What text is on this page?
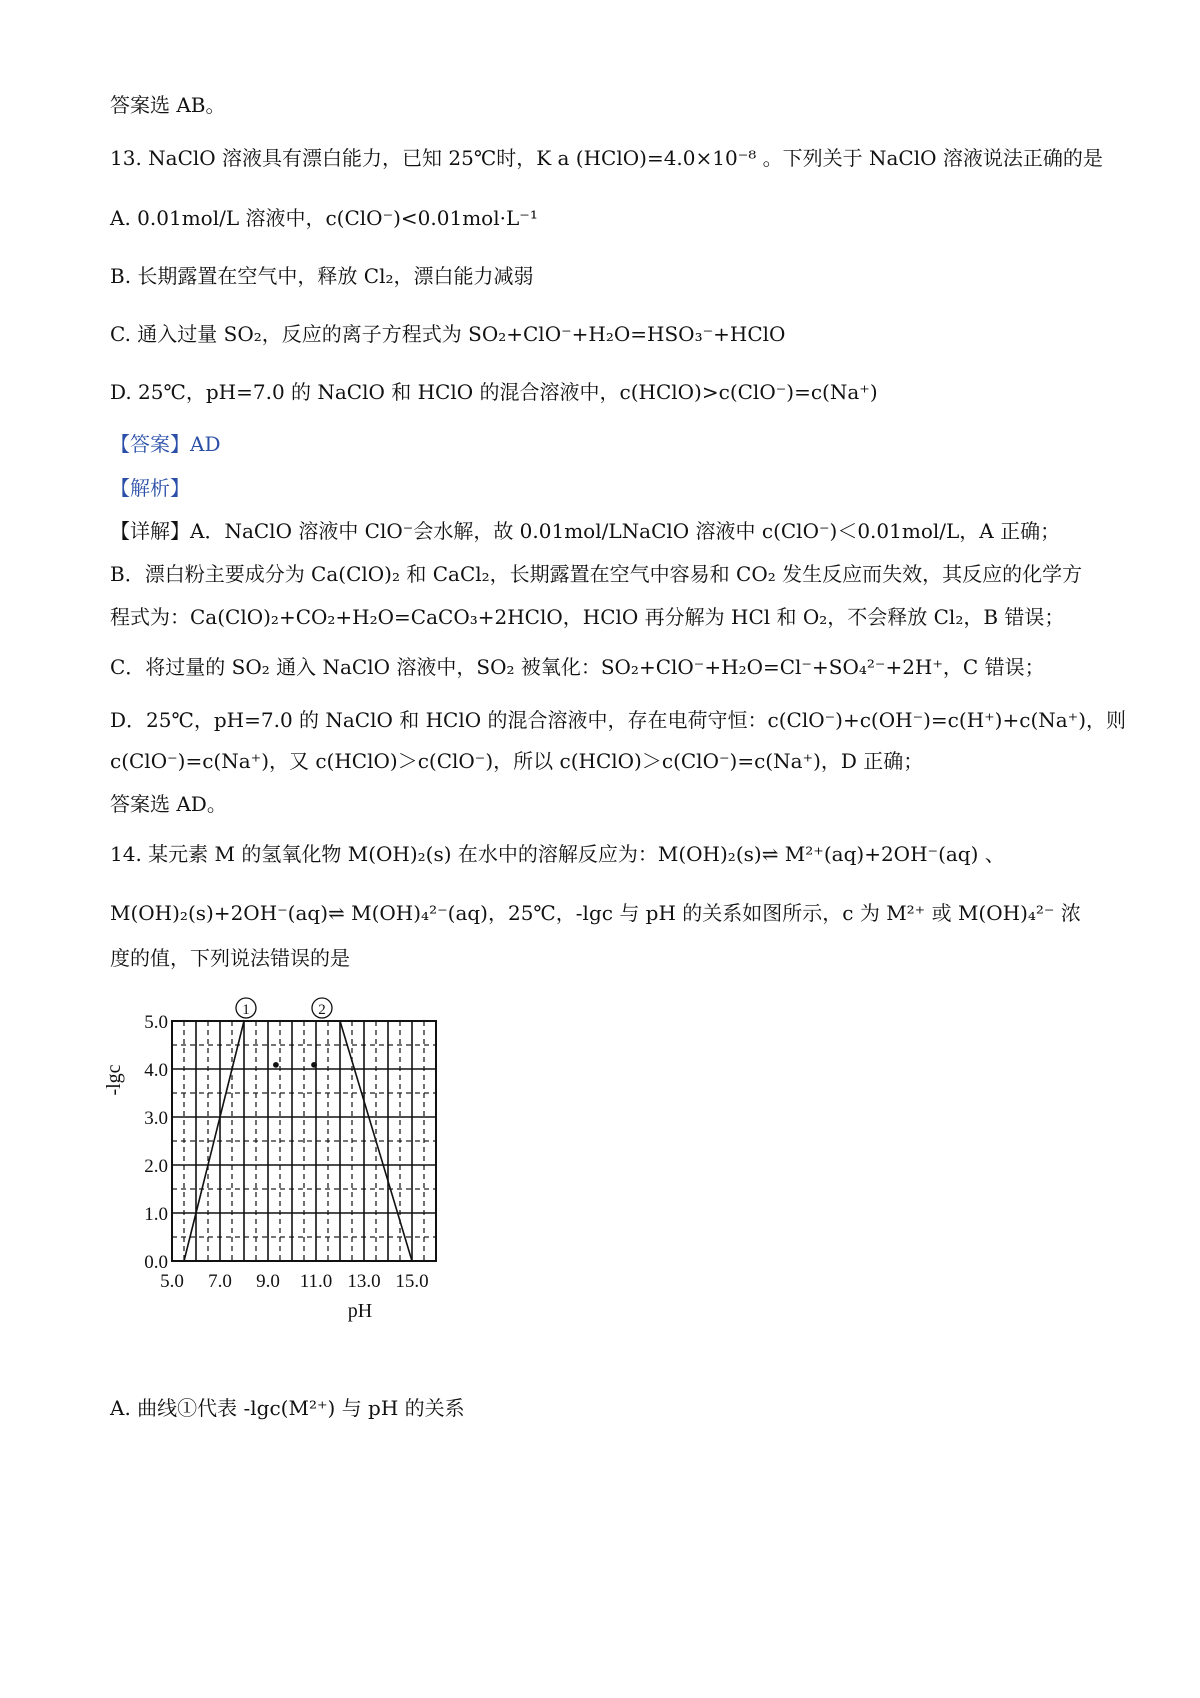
答案选 AB。
13. NaClO 溶液具有漂白能力，已知 25℃时，K a (HClO)=4.0×10⁻⁸ 。下列关于 NaClO 溶液说法正确的是
A. 0.01mol/L 溶液中，c(ClO⁻)<0.01mol·L⁻¹
B. 长期露置在空气中，释放 Cl₂，漂白能力减弱
C. 通入过量 SO₂，反应的离子方程式为 SO₂+ClO⁻+H₂O=HSO₃⁻+HClO
D. 25℃，pH=7.0 的 NaClO 和 HClO 的混合溶液中，c(HClO)>c(ClO⁻)=c(Na⁺)
【答案】AD
【解析】
【详解】A．NaClO 溶液中 ClO⁻会水解，故 0.01mol/LNaClO 溶液中 c(ClO⁻)＜0.01mol/L，A 正确；
B．漂白粉主要成分为 Ca(ClO)₂ 和 CaCl₂，长期露置在空气中容易和 CO₂ 发生反应而失效，其反应的化学方
程式为：Ca(ClO)₂+CO₂+H₂O=CaCO₃+2HClO，HClO 再分解为 HCl 和 O₂，不会释放 Cl₂，B 错误；
C．将过量的 SO₂ 通入 NaClO 溶液中，SO₂ 被氧化：SO₂+ClO⁻+H₂O=Cl⁻+SO₄²⁻+2H⁺，C 错误；
D．25℃，pH=7.0 的 NaClO 和 HClO 的混合溶液中，存在电荷守恒：c(ClO⁻)+c(OH⁻)=c(H⁺)+c(Na⁺)，则
c(ClO⁻)=c(Na⁺)，又 c(HClO)＞c(ClO⁻)，所以 c(HClO)＞c(ClO⁻)=c(Na⁺)，D 正确；
答案选 AD。
14. 某元素 M 的氢氧化物 M(OH)₂(s) 在水中的溶解反应为：M(OH)₂(s)⇌ M²⁺(aq)+2OH⁻(aq) 、
M(OH)₂(s)+2OH⁻(aq)⇌ M(OH)₄²⁻(aq)，25℃，-lgc 与 pH 的关系如图所示，c 为 M²⁺ 或 M(OH)₄²⁻ 浓
度的值，下列说法错误的是
• •
1	2
5.0 7.0 9.0 11.0 13.0 15.0
0.0
1.0
2.0
3.0
4.0
5.0
pH
-lgc
A. 曲线①代表 -lgc(M²⁺) 与 pH 的关系
